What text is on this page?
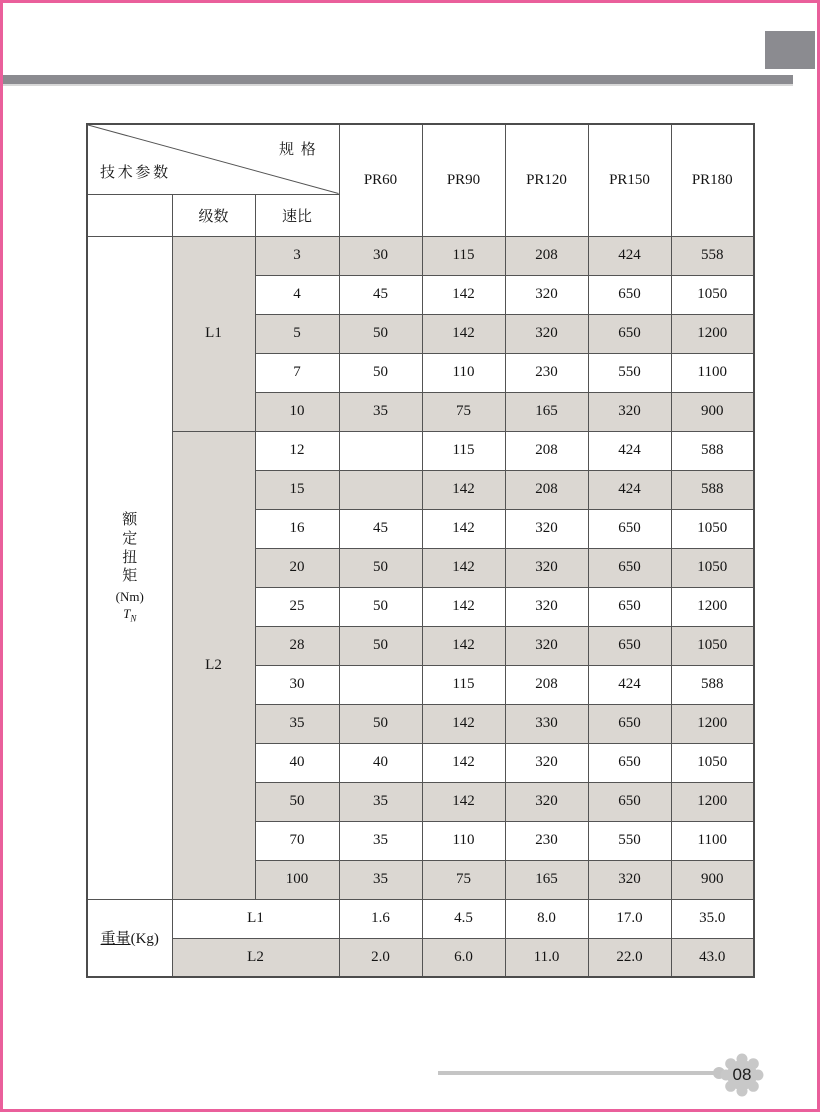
规格
技术参数			PR60	PR90	PR120	PR150	PR180
	级数	速比					

额定扭矩
(Nm)
$T_N$	L1	3	30	115	208	424	558
		4	45	142	320	650	1050
		5	50	142	320	650	1200
		7	50	110	230	550	1100
		10	35	75	165	320	900
	L2	12		115	208	424	588
		15		142	208	424	588
		16	45	142	320	650	1050
		20	50	142	320	650	1050
		25	50	142	320	650	1200
		28	50	142	320	650	1050
		30		115	208	424	588
		35	50	142	330	650	1200
		40	40	142	320	650	1050
		50	35	142	320	650	1200
		70	35	110	230	550	1100
		100	35	75	165	320	900
重量(Kg)	L1		1.6	4.5	8.0	17.0	35.0
	L2		2.0	6.0	11.0	22.0	43.0
08
